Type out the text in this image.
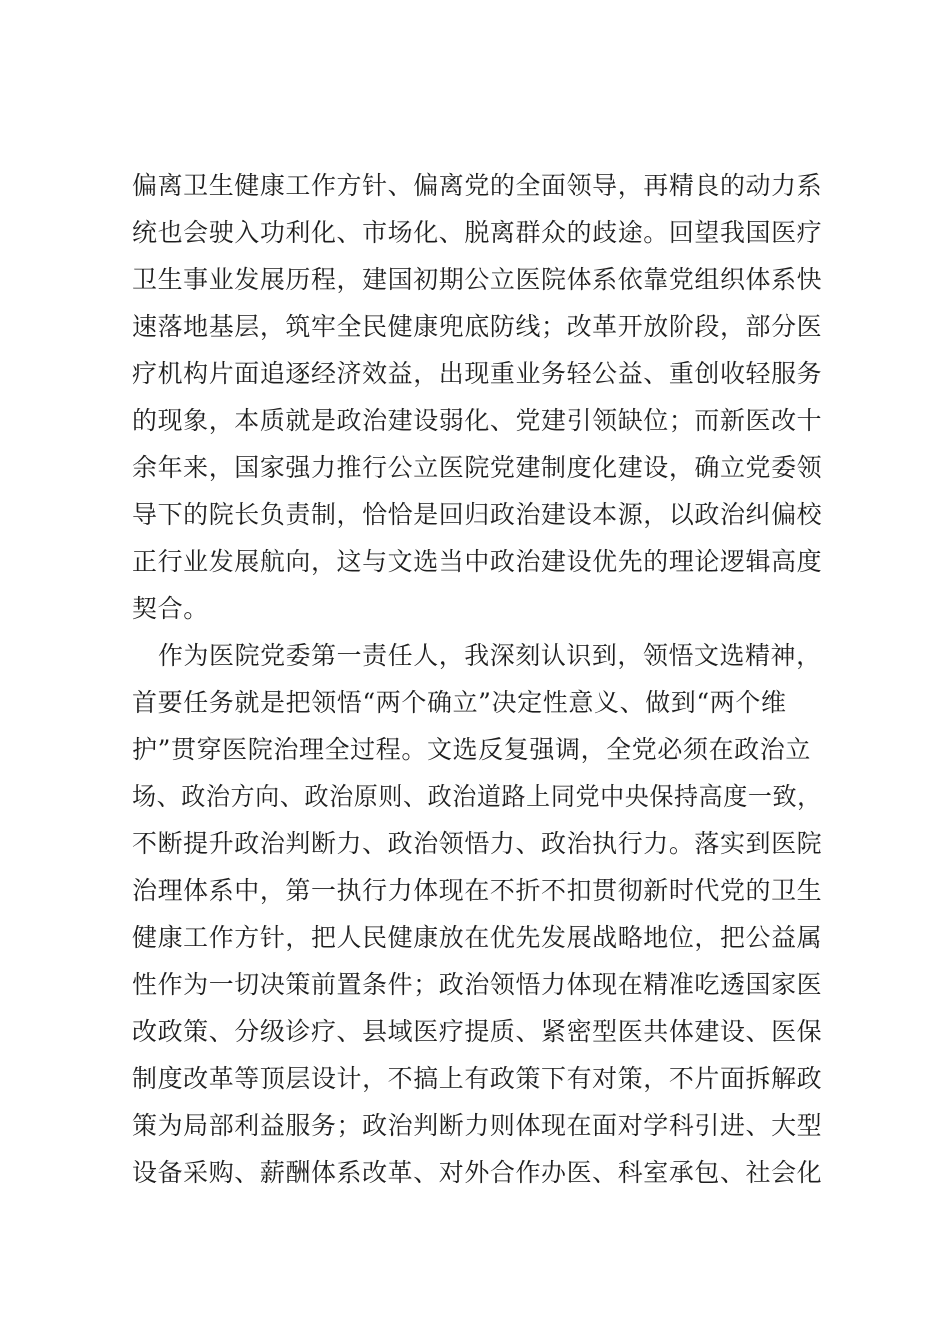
偏离卫生健康工作方针、偏离党的全面领导，再精良的动力系
统也会驶入功利化、市场化、脱离群众的歧途。回望我国医疗
卫生事业发展历程，建国初期公立医院体系依靠党组织体系快
速落地基层，筑牢全民健康兜底防线；改革开放阶段，部分医
疗机构片面追逐经济效益，出现重业务轻公益、重创收轻服务
的现象，本质就是政治建设弱化、党建引领缺位；而新医改十
余年来，国家强力推行公立医院党建制度化建设，确立党委领
导下的院长负责制，恰恰是回归政治建设本源，以政治纠偏校
正行业发展航向，这与文选当中政治建设优先的理论逻辑高度
契合。
作为医院党委第一责任人，我深刻认识到，领悟文选精神，
首要任务就是把领悟“两个确立”决定性意义、做到“两个维
护”贯穿医院治理全过程。文选反复强调，全党必须在政治立
场、政治方向、政治原则、政治道路上同党中央保持高度一致，
不断提升政治判断力、政治领悟力、政治执行力。落实到医院
治理体系中，第一执行力体现在不折不扣贯彻新时代党的卫生
健康工作方针，把人民健康放在优先发展战略地位，把公益属
性作为一切决策前置条件；政治领悟力体现在精准吃透国家医
改政策、分级诊疗、县域医疗提质、紧密型医共体建设、医保
制度改革等顶层设计，不搞上有政策下有对策，不片面拆解政
策为局部利益服务；政治判断力则体现在面对学科引进、大型
设备采购、薪酬体系改革、对外合作办医、科室承包、社会化
